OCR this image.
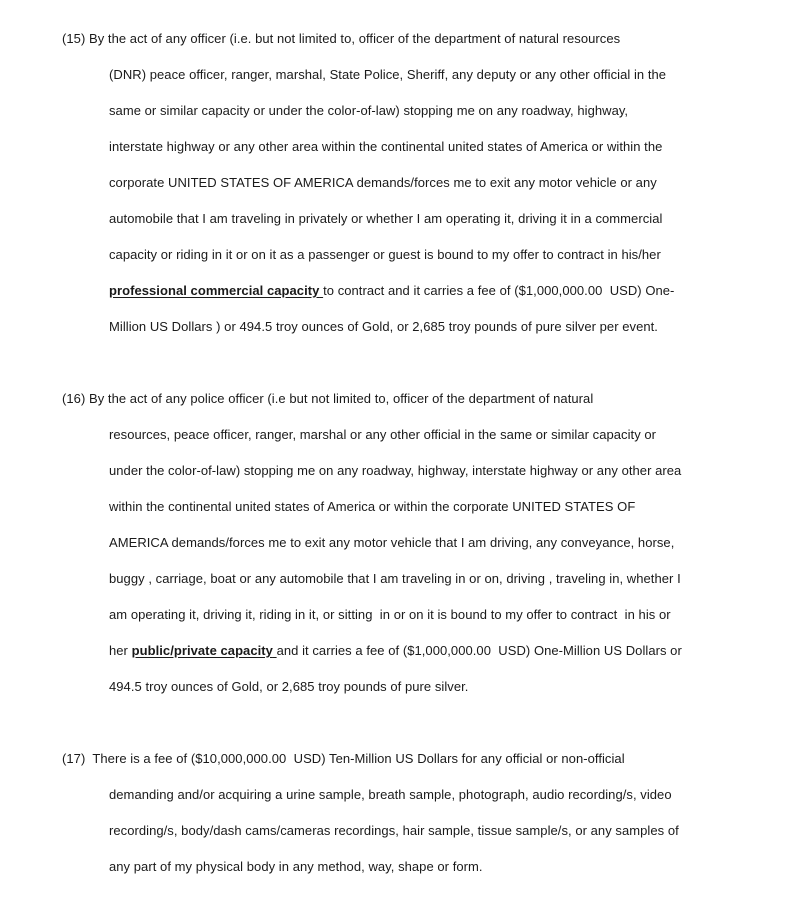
(15) By the act of any officer (i.e. but not limited to, officer of the department of natural resources
(DNR) peace officer, ranger, marshal, State Police, Sheriff, any deputy or any other official in the
same or similar capacity or under the color-of-law) stopping me on any roadway, highway,
interstate highway or any other area within the continental united states of America or within the
corporate UNITED STATES OF AMERICA demands/forces me to exit any motor vehicle or any
automobile that I am traveling in privately or whether I am operating it, driving it in a commercial
capacity or riding in it or on it as a passenger or guest is bound to my offer to contract in his/her
professional commercial capacity to contract and it carries a fee of ($1,000,000.00  USD) One-
Million US Dollars ) or 494.5 troy ounces of Gold, or 2,685 troy pounds of pure silver per event.
(16) By the act of any police officer (i.e but not limited to, officer of the department of natural
resources, peace officer, ranger, marshal or any other official in the same or similar capacity or
under the color-of-law) stopping me on any roadway, highway, interstate highway or any other area
within the continental united states of America or within the corporate UNITED STATES OF
AMERICA demands/forces me to exit any motor vehicle that I am driving, any conveyance, horse,
buggy , carriage, boat or any automobile that I am traveling in or on, driving , traveling in, whether I
am operating it, driving it, riding in it, or sitting  in or on it is bound to my offer to contract  in his or
her public/private capacity and it carries a fee of ($1,000,000.00  USD) One-Million US Dollars or
494.5 troy ounces of Gold, or 2,685 troy pounds of pure silver.
(17)  There is a fee of ($10,000,000.00  USD) Ten-Million US Dollars for any official or non-official
demanding and/or acquiring a urine sample, breath sample, photograph, audio recording/s, video
recording/s, body/dash cams/cameras recordings, hair sample, tissue sample/s, or any samples of
any part of my physical body in any method, way, shape or form.
